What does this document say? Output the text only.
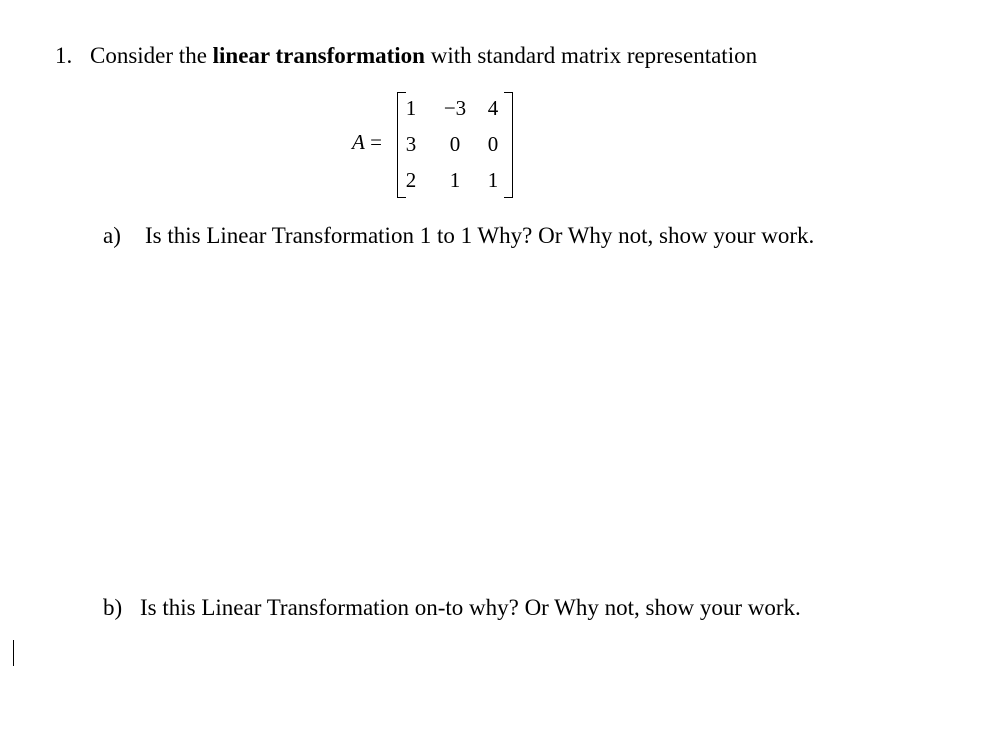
1. Consider the linear transformation with standard matrix representation
A =
1 −3 4
3	0	0
2	1	1
a) Is this Linear Transformation 1 to 1 Why? Or Why not, show your work.
b) Is this Linear Transformation on-to why? Or Why not, show your work.
